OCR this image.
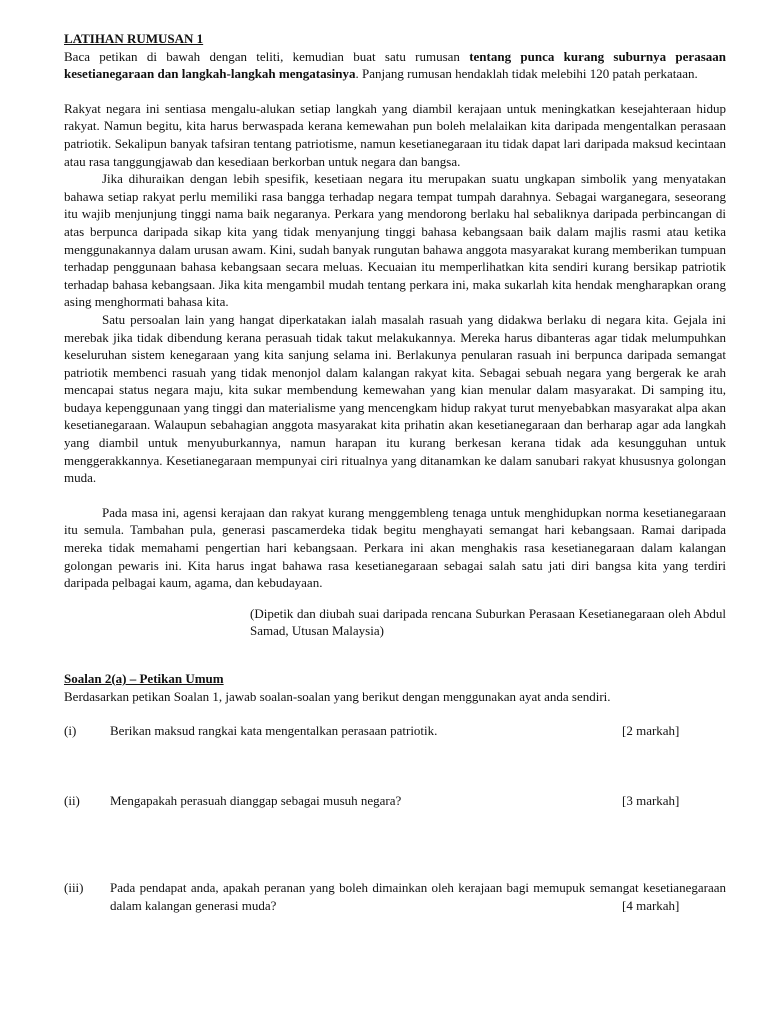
LATIHAN RUMUSAN 1

Baca petikan di bawah dengan teliti, kemudian buat satu rumusan tentang punca kurang suburnya perasaan kesetianegaraan dan langkah-langkah mengatasinya. Panjang rumusan hendaklah tidak melebihi 120 patah perkataan.

Rakyat negara ini sentiasa mengalu-alukan setiap langkah yang diambil kerajaan untuk meningkatkan kesejahteraan hidup rakyat. Namun begitu, kita harus berwaspada kerana kemewahan pun boleh melalaikan kita daripada mengentalkan perasaan patriotik. Sekalipun banyak tafsiran tentang patriotisme, namun kesetianegaraan itu tidak dapat lari daripada maksud kecintaan atau rasa tanggungjawab dan kesediaan berkorban untuk negara dan bangsa.

Jika dihuraikan dengan lebih spesifik, kesetiaan negara itu merupakan suatu ungkapan simbolik yang menyatakan bahawa setiap rakyat perlu memiliki rasa bangga terhadap negara tempat tumpah darahnya. Sebagai warganegara, seseorang itu wajib menjunjung tinggi nama baik negaranya. Perkara yang mendorong berlaku hal sebaliknya daripada perbincangan di atas berpunca daripada sikap kita yang tidak menyanjung tinggi bahasa kebangsaan baik dalam majlis rasmi atau ketika menggunakannya dalam urusan awam. Kini, sudah banyak rungutan bahawa anggota masyarakat kurang memberikan tumpuan terhadap penggunaan bahasa kebangsaan secara meluas. Kecuaian itu memperlihatkan kita sendiri kurang bersikap patriotik terhadap bahasa kebangsaan. Jika kita mengambil mudah tentang perkara ini, maka sukarlah kita hendak mengharapkan orang asing menghormati bahasa kita.

Satu persoalan lain yang hangat diperkatakan ialah masalah rasuah yang didakwa berlaku di negara kita. Gejala ini merebak jika tidak dibendung kerana perasuah tidak takut melakukannya. Mereka harus dibanteras agar tidak melumpuhkan keseluruhan sistem kenegaraan yang kita sanjung selama ini. Berlakunya penularan rasuah ini berpunca daripada semangat patriotik membenci rasuah yang tidak menonjol dalam kalangan rakyat kita. Sebagai sebuah negara yang bergerak ke arah mencapai status negara maju, kita sukar membendung kemewahan yang kian menular dalam masyarakat. Di samping itu, budaya kepenggunaan yang tinggi dan materialisme yang mencengkam hidup rakyat turut menyebabkan masyarakat alpa akan kesetianegaraan. Walaupun sebahagian anggota masyarakat kita prihatin akan kesetianegaraan dan berharap agar ada langkah yang diambil untuk menyuburkannya, namun harapan itu kurang berkesan kerana tidak ada kesungguhan untuk menggerakkannya. Kesetianegaraan mempunyai ciri ritualnya yang ditanamkan ke dalam sanubari rakyat khususnya golongan muda.

Pada masa ini, agensi kerajaan dan rakyat kurang menggembleng tenaga untuk menghidupkan norma kesetianegaraan itu semula. Tambahan pula, generasi pascamerdeka tidak begitu menghayati semangat hari kebangsaan. Ramai daripada mereka tidak memahami pengertian hari kebangsaan. Perkara ini akan menghakis rasa kesetianegaraan dalam kalangan golongan pewaris ini. Kita harus ingat bahawa rasa kesetianegaraan sebagai salah satu jati diri bangsa kita yang terdiri daripada pelbagai kaum, agama, dan kebudayaan.

(Dipetik dan diubah suai daripada rencana Suburkan Perasaan Kesetianegaraan oleh Abdul Samad, Utusan Malaysia)

Soalan 2(a) – Petikan Umum

Berdasarkan petikan Soalan 1, jawab soalan-soalan yang berikut dengan menggunakan ayat anda sendiri.

(i)	Berikan maksud rangkai kata mengentalkan perasaan patriotik.	[2 markah]
(ii) Mengapakah perasuah dianggap sebagai musuh negara?	[3 markah]
(iii) Pada pendapat anda, apakah peranan yang boleh dimainkan oleh kerajaan bagi memupuk semangat kesetianegaraan dalam kalangan generasi muda?	[4 markah]
